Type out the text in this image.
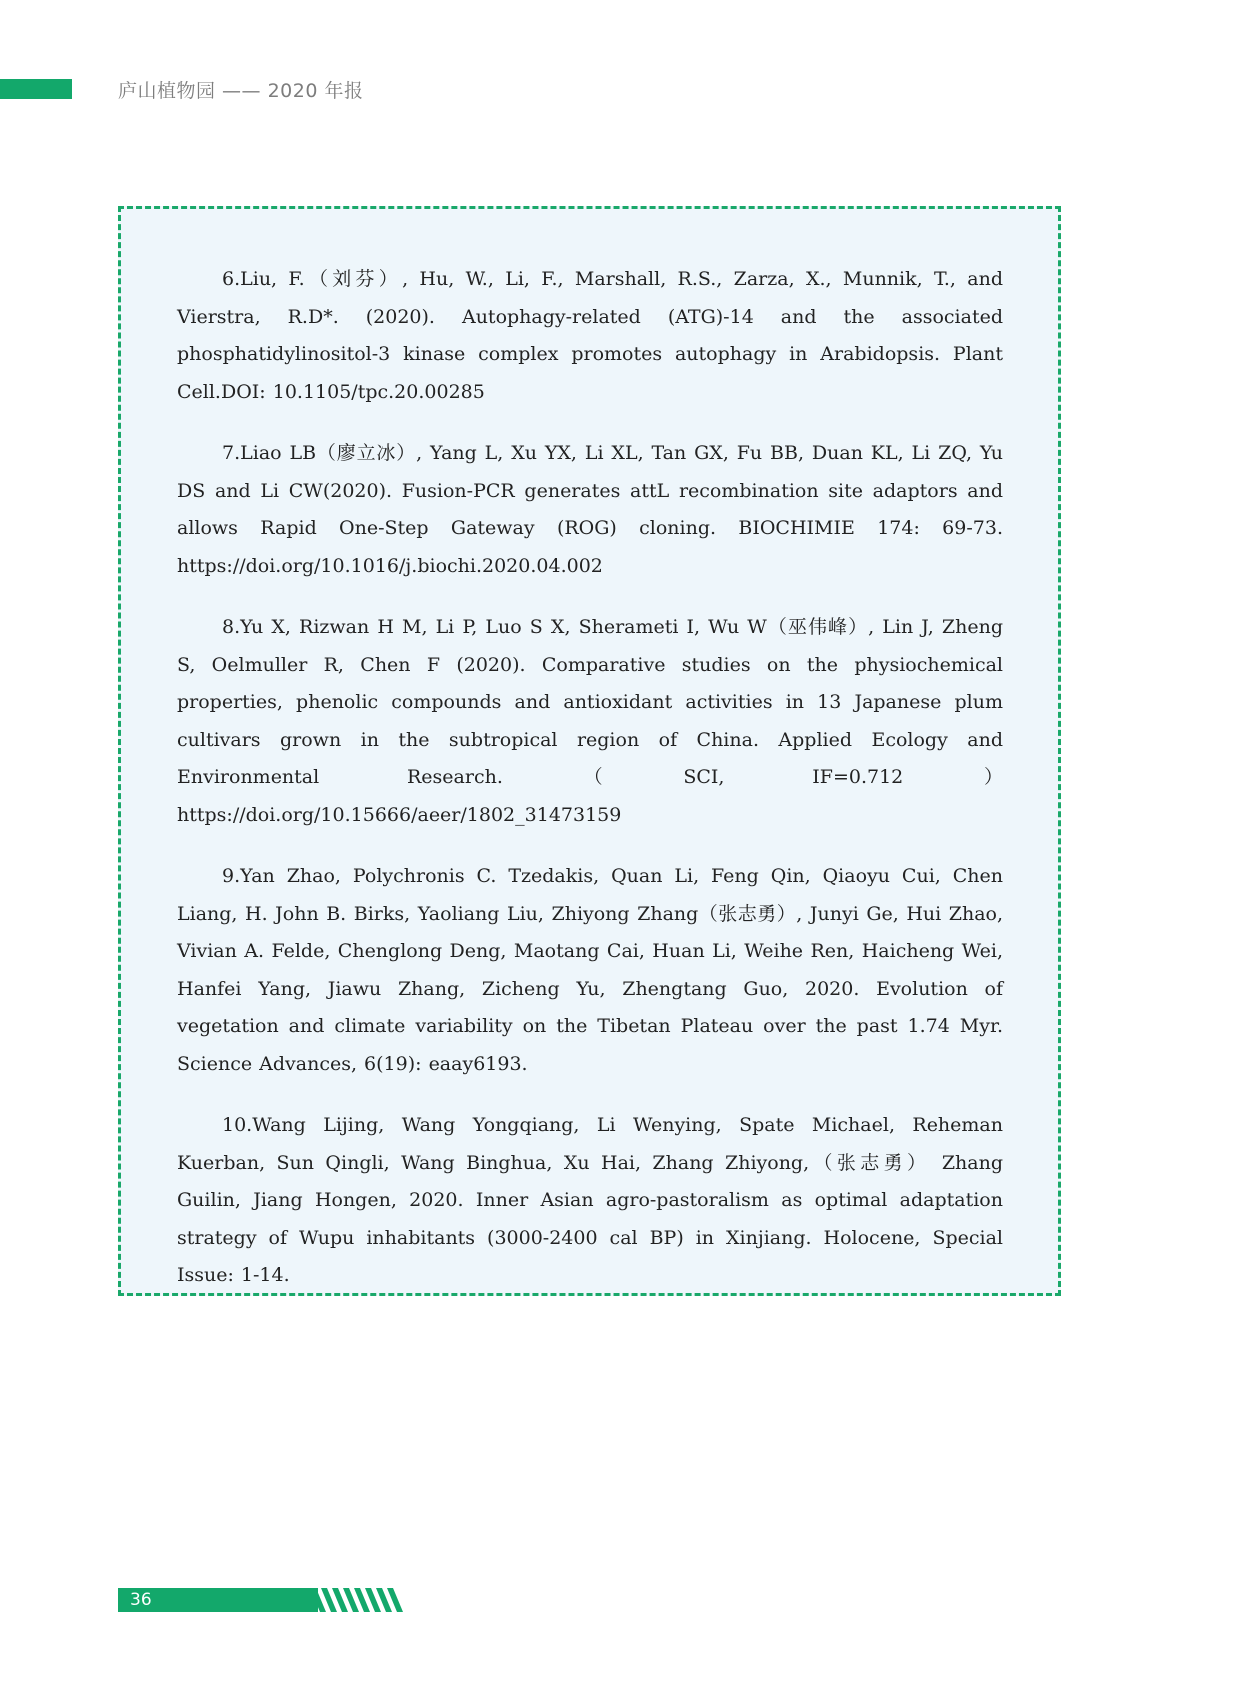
庐山植物园 —— 2020 年报

6.Liu, F.（刘芬）, Hu, W., Li, F., Marshall, R.S., Zarza, X., Munnik, T., and Vierstra, R.D*. (2020). Autophagy-related (ATG)-14 and the associated phosphatidylinositol-3 kinase complex promotes autophagy in Arabidopsis. Plant Cell.DOI: 10.1105/tpc.20.00285

7.Liao LB（廖立冰）, Yang L, Xu YX, Li XL, Tan GX, Fu BB, Duan KL, Li ZQ, Yu DS and Li CW(2020). Fusion-PCR generates attL recombination site adaptors and allows Rapid One-Step Gateway (ROG) cloning. BIOCHIMIE 174: 69-73. https://doi.org/10.1016/j.biochi.2020.04.002

8.Yu X, Rizwan H M, Li P, Luo S X, Sherameti I, Wu W（巫伟峰）, Lin J, Zheng S, Oelmuller R, Chen F (2020). Comparative studies on the physiochemical properties, phenolic compounds and antioxidant activities in 13 Japanese plum cultivars grown in the subtropical region of China. Applied Ecology and Environmental Research.（SCI, IF=0.712）https://doi.org/10.15666/aeer/1802_31473159

9.Yan Zhao, Polychronis C. Tzedakis, Quan Li, Feng Qin, Qiaoyu Cui, Chen Liang, H. John B. Birks, Yaoliang Liu, Zhiyong Zhang（张志勇）, Junyi Ge, Hui Zhao, Vivian A. Felde, Chenglong Deng, Maotang Cai, Huan Li, Weihe Ren, Haicheng Wei, Hanfei Yang, Jiawu Zhang, Zicheng Yu, Zhengtang Guo, 2020. Evolution of vegetation and climate variability on the Tibetan Plateau over the past 1.74 Myr. Science Advances, 6(19): eaay6193.

10.Wang Lijing, Wang Yongqiang, Li Wenying, Spate Michael, Reheman Kuerban, Sun Qingli, Wang Binghua, Xu Hai, Zhang Zhiyong,（张志勇） Zhang Guilin, Jiang Hongen, 2020. Inner Asian agro-pastoralism as optimal adaptation strategy of Wupu inhabitants (3000-2400 cal BP) in Xinjiang. Holocene, Special Issue: 1-14.

36
